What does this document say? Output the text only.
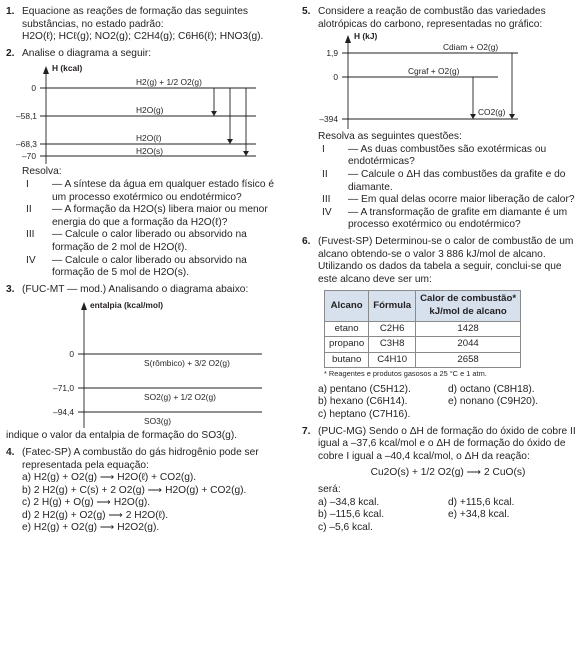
1. Equacione as reações de formação das seguintes substâncias, no estado padrão:

H2O(ℓ); HCℓ(g); NO2(g); C2H4(g); C6H6(ℓ); HNO3(g).

2. Analise o diagrama a seguir:

H (kcal)
0
–58,1
–68,3
–70
H2(g) + 1/2 O2(g)
H2O(g)
H2O(ℓ)
H2O(s)

Resolva:

I	— A síntese da água em qualquer estado físico é um processo exotérmico ou endotérmico?
II	— A formação da H2O(s) libera maior ou menor energia do que a formação da H2O(ℓ)?
III	— Calcule o calor liberado ou absorvido na formação de 2 mol de H2O(ℓ).
IV	— Calcule o calor liberado ou absorvido na formação de 5 mol de H2O(s).
3. (FUC-MT — mod.) Analisando o diagrama abaixo:

entalpia (kcal/mol)
0
–71,0
–94,4
S(rômbico) + 3/2 O2(g)
SO2(g) + 1/2 O2(g)
SO3(g)

indique o valor da entalpia de formação do SO3(g).

4. (Fatec-SP) A combustão do gás hidrogênio pode ser representada pela equação:

a) H2(g) + O2(g) ⟶ H2O(ℓ) + CO2(g).

b) 2 H2(g) + C(s) + 2 O2(g) ⟶ H2O(g) + CO2(g).

c) 2 H(g) + O(g) ⟶ H2O(g).

d) 2 H2(g) + O2(g) ⟶ 2 H2O(ℓ).

e) H2(g) + O2(g) ⟶ H2O2(g).

5. Considere a reação de combustão das variedades alotrópicas do carbono, representadas no gráfico:

H (kJ)
1,9
0
–394
Cdiam + O2(g)
Cgraf + O2(g)
CO2(g)

Resolva as seguintes questões:

I	— As duas combustões são exotérmicas ou endotérmicas?
II	— Calcule o ΔH das combustões da grafite e do diamante.
III	— Em qual delas ocorre maior liberação de calor?
IV	— A transformação de grafite em diamante é um processo exotérmico ou endotérmico?
6. (Fuvest-SP) Determinou-se o calor de combustão de um alcano obtendo-se o valor 3 886 kJ/mol de alcano. Utilizando os dados da tabela a seguir, conclui-se que este alcano deve ser um:

Alcano	Fórmula	Calor de combustão* kJ/mol de alcano
etano	C2H6	1428
propano	C3H8	2044
butano	C4H10	2658

* Reagentes e produtos gasosos a 25 °C e 1 atm.

a) pentano (C5H12).	d) octano (C8H18).
b) hexano (C6H14).	e) nonano (C9H20).
c) heptano (C7H16).
7. (PUC-MG) Sendo o ΔH de formação do óxido de cobre II igual a –37,6 kcal/mol e o ΔH de formação do óxido de cobre I igual a –40,4 kcal/mol, o ΔH da reação:

Cu2O(s) + 1/2 O2(g) ⟶ 2 CuO(s)

será:

a) –34,8 kcal.	d) +115,6 kcal.
b) –115,6 kcal.	e) +34,8 kcal.
c) –5,6 kcal.
